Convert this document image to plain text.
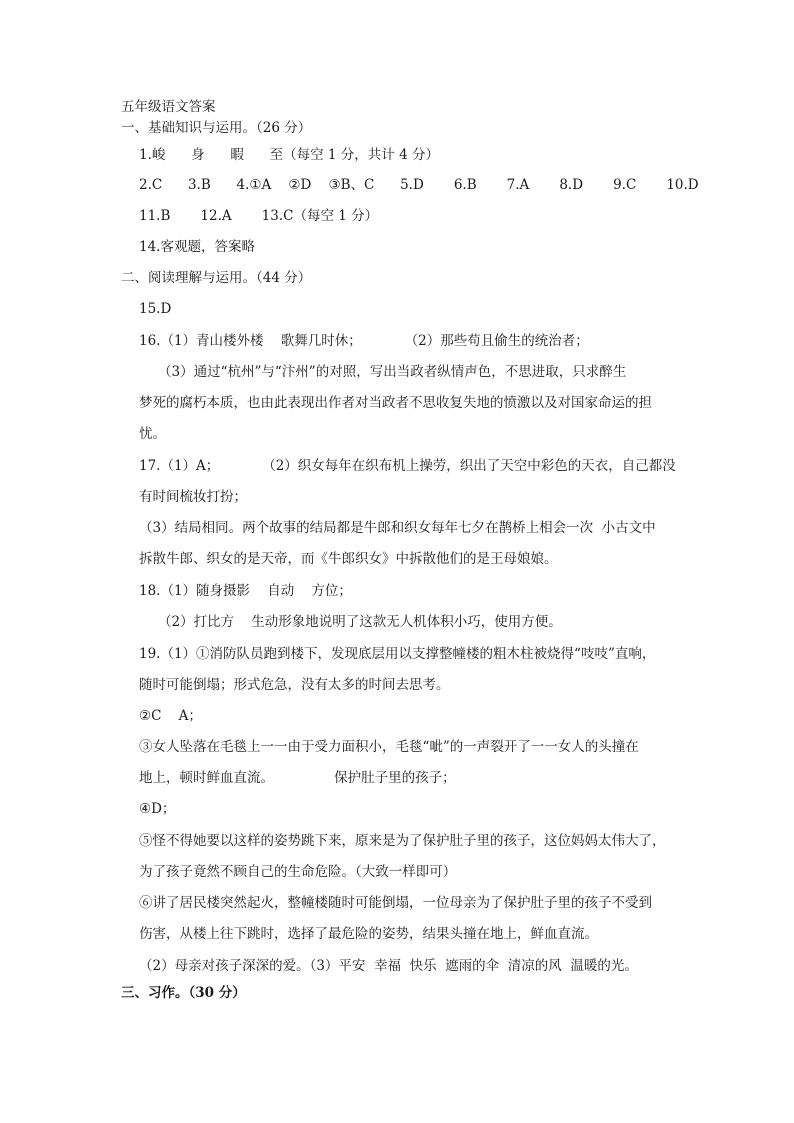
五年级语文答案
一、基础知识与运用。（26 分）
1.峻      身      暇      至（每空 1 分，共计 4 分）
2.C      3.B      4.①A    ②D    ③B、C      5.D       6.B       7.A       8.D       9.C       10.D
11.B       12.A       13.C（每空 1 分）
14.客观题，答案略
二、阅读理解与运用。（44 分）
15.D
16.（1）青山楼外楼    歌舞几时休；          （2）那些苟且偷生的统治者；
（3）通过“杭州”与“汴州”的对照，写出当政者纵情声色，不思进取，只求醉生
梦死的腐朽本质，也由此表现出作者对当政者不思收复失地的愤激以及对国家命运的担
忧。
17.（1）A；          （2）织女每年在织布机上操劳，织出了天空中彩色的天衣，自己都没
有时间梳妆打扮；
（3）结局相同。两个故事的结局都是牛郎和织女每年七夕在鹊桥上相会一次  小古文中
拆散牛郎、织女的是天帝，而《牛郎织女》中拆散他们的是王母娘娘。
18.（1）随身摄影    自动    方位；
（2）打比方    生动形象地说明了这款无人机体积小巧，使用方便。
19.（1）①消防队员跑到楼下，发现底层用以支撑整幢楼的粗木柱被烧得“吱吱”直响，
随时可能倒塌；形式危急，没有太多的时间去思考。
②C    A；
③女人坠落在毛毯上一一由于受力面积小，毛毯“呲”的一声裂开了一一女人的头撞在
地上，顿时鲜血直流。              保护肚子里的孩子；
④D；
⑤怪不得她要以这样的姿势跳下来，原来是为了保护肚子里的孩子，这位妈妈太伟大了，
为了孩子竟然不顾自己的生命危险。（大致一样即可）
⑥讲了居民楼突然起火，整幢楼随时可能倒塌，一位母亲为了保护肚子里的孩子不受到
伤害，从楼上往下跳时，选择了最危险的姿势，结果头撞在地上，鲜血直流。
（2）母亲对孩子深深的爱。（3）平安  幸福  快乐  遮雨的伞  清凉的风  温暖的光。
三、习作。（30 分）
